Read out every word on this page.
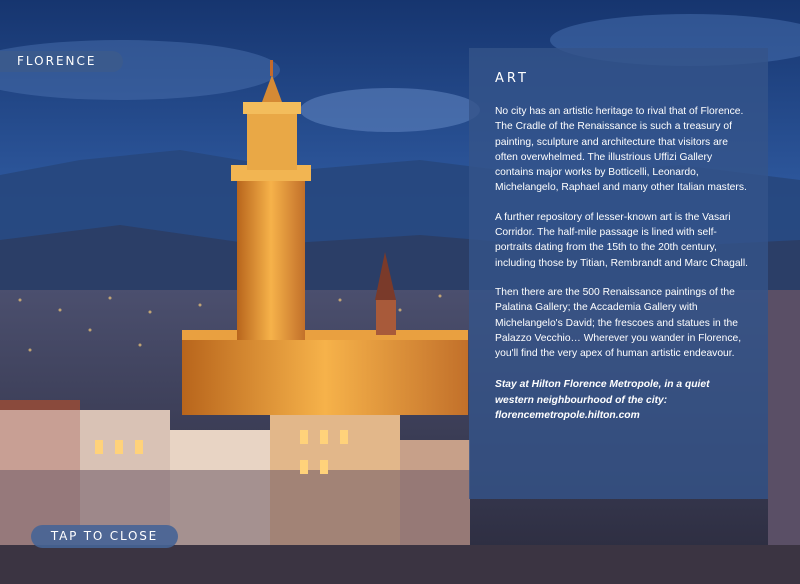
FLORENCE
ART

No city has an artistic heritage to rival that of Florence. The Cradle of the Renaissance is such a treasury of painting, sculpture and architecture that visitors are often overwhelmed. The illustrious Uffizi Gallery contains major works by Botticelli, Leonardo, Michelangelo, Raphael and many other Italian masters.

A further repository of lesser-known art is the Vasari Corridor. The half-mile passage is lined with self-portraits dating from the 15th to the 20th century, including those by Titian, Rembrandt and Marc Chagall.

Then there are the 500 Renaissance paintings of the Palatina Gallery; the Accademia Gallery with Michelangelo's David; the frescoes and statues in the Palazzo Vecchio… Wherever you wander in Florence, you'll find the very apex of human artistic endeavour.

Stay at Hilton Florence Metropole, in a quiet western neighbourhood of the city: florencemetropole.hilton.com

TAP TO CLOSE
